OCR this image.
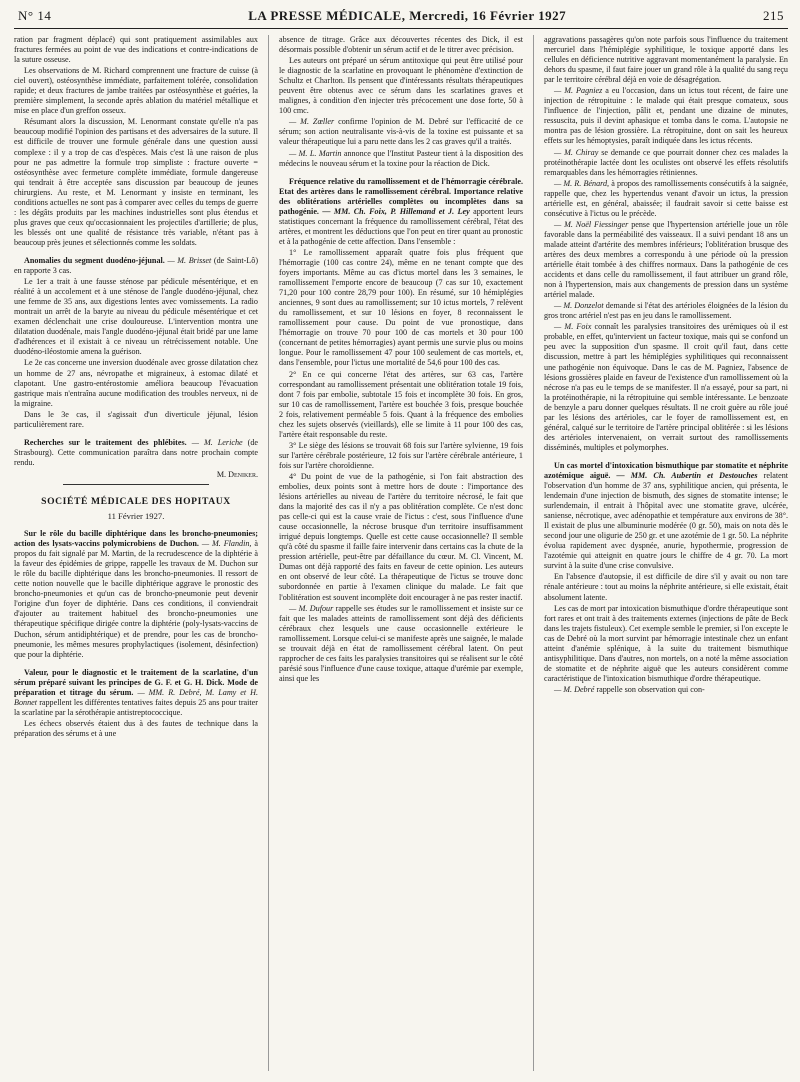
N° 14	LA PRESSE MÉDICALE, Mercredi, 16 Février 1927	215

ration par fragment déplacé) qui sont pratiquement assimilables aux fractures fermées au point de vue des indications et contre-indications de la suture osseuse.

Les observations de M. Richard comprennent une fracture de cuisse (à ciel ouvert), ostéosynthèse immédiate, parfaitement tolérée, consolidation rapide; et deux fractures de jambe traitées par ostéosynthèse et guéries, la première simplement, la seconde après ablation du matériel métallique et mise en place d'un greffon osseux.

Résumant alors la discussion, M. Lenormant constate qu'elle n'a pas beaucoup modifié l'opinion des partisans et des adversaires de la suture. Il est difficile de trouver une formule générale dans une question aussi complexe : il y a trop de cas d'espèces. Mais c'est là une raison de plus pour ne pas admettre la formule trop simpliste : fracture ouverte = ostéosynthèse avec fermeture complète immédiate, formule dangereuse qui tendrait à être acceptée sans discussion par beaucoup de jeunes chirurgiens. Au reste, et M. Lenormant y insiste en terminant, les conditions actuelles ne sont pas à comparer avec celles du temps de guerre : les dégâts produits par les machines industrielles sont plus étendus et plus graves que ceux qu'occasionnaient les projectiles d'artillerie; de plus, les blessés ont une qualité de résistance très variable, n'étant pas à beaucoup près jeunes et sélectionnés comme les soldats.

Anomalies du segment duodéno-jéjunal. — M. Brisset (de Saint-Lô) en rapporte 3 cas.

Le 1er a trait à une fausse sténose par pédicule mésentérique, et en réalité à un accolement et à une sténose de l'angle duodéno-jéjunal, chez une femme de 35 ans, aux digestions lentes avec vomissements. La radio montrait un arrêt de la baryte au niveau du pédicule mésentérique et cet examen déclenchait une crise douloureuse. L'intervention montra une dilatation duodénale, mais l'angle duodéno-jéjunal était bridé par une lame d'adhérences et il existait à ce niveau un rétrécissement notable. Une duodéno-iléostomie amena la guérison.

Le 2e cas concerne une inversion duodénale avec grosse dilatation chez un homme de 27 ans, névropathe et migraineux, à estomac dilaté et clapotant. Une gastro-entérostomie améliora beaucoup l'évacuation gastrique mais n'entraîna aucune modification des troubles nerveux, ni de la migraine.

Dans le 3e cas, il s'agissait d'un diverticule jéjunal, lésion particulièrement rare.

Recherches sur le traitement des phlébites. — M. Leriche (de Strasbourg). Cette communication paraîtra dans notre prochain compte rendu.

M. Deniker.
SOCIÉTÉ MÉDICALE DES HOPITAUX
11 Février 1927.

Sur le rôle du bacille diphtérique dans les broncho-pneumonies; action des lysats-vaccins polymicrobiens de Duchon. — M. Flandin, à propos du fait signalé par M. Martin, de la recrudescence de la diphtérie à la faveur des épidémies de grippe, rappelle les travaux de M. Duchon sur le rôle du bacille diphtérique dans les broncho-pneumonies. Il ressort de cette notion nouvelle que le bacille diphtérique aggrave le pronostic des broncho-pneumonies et qu'un cas de broncho-pneumonie peut devenir l'origine d'un foyer de diphtérie. Dans ces conditions, il conviendrait d'ajouter au traitement habituel des broncho-pneumonies une thérapeutique spécifique dirigée contre la diphtérie (poly-lysats-vaccins de Duchon, sérum antidiphtérique) et de prendre, pour les cas de broncho-pneumonie, les mêmes mesures prophylactiques (isolement, désinfection) que pour la diphtérie.

Valeur, pour le diagnostic et le traitement de la scarlatine, d'un sérum préparé suivant les principes de G. F. et G. H. Dick. Mode de préparation et titrage du sérum. — MM. R. Debré, M. Lamy et H. Bonnet rappellent les différentes tentatives faites depuis 25 ans pour traiter la scarlatine par la sérothérapie antistreptococcique.

Les échecs observés étaient dus à des fautes de technique dans la préparation des sérums et à une

absence de titrage. Grâce aux découvertes récentes des Dick, il est désormais possible d'obtenir un sérum actif et de le titrer avec précision.

Les auteurs ont préparé un sérum antitoxique qui peut être utilisé pour le diagnostic de la scarlatine en provoquant le phénomène d'extinction de Schultz et Charlton. Ils pensent que d'intéressants résultats thérapeutiques peuvent être obtenus avec ce sérum dans les scarlatines graves et malignes, à condition d'en injecter très précocement une dose forte, 50 à 100 cmc.

— M. Zœller confirme l'opinion de M. Debré sur l'efficacité de ce sérum; son action neutralisante vis-à-vis de la toxine est puissante et sa valeur thérapeutique lui a paru nette dans les 2 cas graves qu'il a traités.

— M. L. Martin annonce que l'Institut Pasteur tient à la disposition des médecins le nouveau sérum et la toxine pour la réaction de Dick.

Fréquence relative du ramollissement et de l'hémorragie cérébrale. Etat des artères dans le ramollissement cérébral. Importance relative des oblitérations artérielles complètes ou incomplètes dans sa pathogénie. — MM. Ch. Foix, P. Hillemand et J. Ley apportent leurs statistiques concernant la fréquence du ramollissement cérébral, l'état des artères, et montrent les déductions que l'on peut en tirer quant au pronostic et à la pathogénie de cette affection. Dans l'ensemble :

1° Le ramollissement apparaît quatre fois plus fréquent que l'hémorragie (100 cas contre 24), même en ne tenant compte que des foyers importants. Même au cas d'ictus mortel dans les 3 semaines, le ramollissement l'emporte encore de beaucoup (7 cas sur 10, exactement 71,20 pour 100 contre 28,79 pour 100). En résumé, sur 10 hémiplégies anciennes, 9 sont dues au ramollissement; sur 10 ictus mortels, 7 relèvent du ramollissement, et sur 10 lésions en foyer, 8 reconnaissent le ramollissement pour cause. Du point de vue pronostique, dans l'hémorragie on trouve 70 pour 100 de cas mortels et 30 pour 100 (concernant de petites hémorragies) ayant permis une survie plus ou moins longue. Pour le ramollissement 47 pour 100 seulement de cas mortels, et, dans l'ensemble, pour l'ictus une mortalité de 54,6 pour 100 des cas.

2° En ce qui concerne l'état des artères, sur 63 cas, l'artère correspondant au ramollissement présentait une oblitération totale 19 fois, dont 7 fois par embolie, subtotale 15 fois et incomplète 30 fois. En gros, sur 10 cas de ramollissement, l'artère est bouchée 3 fois, presque bouchée 2 fois, relativement perméable 5 fois. Quant à la fréquence des embolies chez les sujets observés (vieillards), elle se limite à 11 pour 100 des cas, l'artère était responsable du reste.

3° Le siège des lésions se trouvait 68 fois sur l'artère sylvienne, 19 fois sur l'artère cérébrale postérieure, 12 fois sur l'artère cérébrale antérieure, 1 fois sur l'artère choroïdienne.

4° Du point de vue de la pathogénie, si l'on fait abstraction des embolies, deux points sont à mettre hors de doute : l'importance des lésions artérielles au niveau de l'artère du territoire nécrosé, le fait que dans la majorité des cas il n'y a pas oblitération complète. Ce n'est donc pas celle-ci qui est la cause vraie de l'ictus : c'est, sous l'influence d'une cause occasionnelle, la nécrose brusque d'un territoire insuffisamment irrigué depuis longtemps. Quelle est cette cause occasionnelle? Il semble qu'à côté du spasme il faille faire intervenir dans certains cas la chute de la pression artérielle, peut-être par défaillance du cœur. M. Cl. Vincent, M. Dumas ont déjà rapporté des faits en faveur de cette opinion. Les auteurs en ont observé de leur côté. La thérapeutique de l'ictus se trouve donc subordonnée en partie à l'examen clinique du malade. Le fait que l'oblitération est souvent incomplète doit encourager à ne pas rester inactif.

— M. Dufour rappelle ses études sur le ramollissement et insiste sur ce fait que les malades atteints de ramollissement sont déjà des déficients cérébraux chez lesquels une cause occasionnelle extérieure le ramollissement. Lorsque celui-ci se manifeste après une saignée, le malade se trouvait déjà en état de ramollissement cérébral latent. On peut rapprocher de ces faits les paralysies transitoires qui se réalisent sur le côté parésié sous l'influence d'une cause toxique, attaque d'urémie par exemple, ainsi que les

aggravations passagères qu'on note parfois sous l'influence du traitement mercuriel dans l'hémiplégie syphilitique, le toxique apporté dans les cellules en déficience nutritive aggravant momentanément la paralysie. En dehors du spasme, il faut faire jouer un grand rôle à la qualité du sang reçu par le territoire cérébral déjà en voie de désagrégation.

— M. Pagniez a eu l'occasion, dans un ictus tout récent, de faire une injection de rétropituine : le malade qui était presque comateux, sous l'influence de l'injection, pâlit et, pendant une dizaine de minutes, ressuscita, puis il devint aphasique et tomba dans le coma. L'autopsie ne montra pas de lésion grossière. La rétropituine, dont on sait les heureux effets sur les hémoptysies, paraît indiquée dans les ictus récents.

— M. Chiray se demande ce que pourrait donner chez ces malades la protéinothérapie lactée dont les oculistes ont observé les effets résolutifs remarquables dans les hémorragies rétiniennes.

— M. R. Bénard, à propos des ramollissements consécutifs à la saignée, rappelle que, chez les hypertendus venant d'avoir un ictus, la pression artérielle est, en général, abaissée; il faudrait savoir si cette baisse est consécutive à l'ictus ou le précède.

— M. Noël Fiessinger pense que l'hypertension artérielle joue un rôle favorable dans la perméabilité des vaisseaux. Il a suivi pendant 18 ans un malade atteint d'artérite des membres inférieurs; l'oblitération brusque des artères des deux membres a correspondu à une période où la pression artérielle était tombée à des chiffres normaux. Dans la pathogénie de ces accidents et dans celle du ramollissement, il faut attribuer un grand rôle, non à l'hypertension, mais aux changements de pression dans un système artériel malade.

— M. Donzelot demande si l'état des artérioles éloignées de la lésion du gros tronc artériel n'est pas en jeu dans le ramollissement.

— M. Foix connaît les paralysies transitoires des urémiques où il est probable, en effet, qu'intervient un facteur toxique, mais qui se confond un peu avec la supposition d'un spasme. Il croit qu'il faut, dans cette discussion, mettre à part les hémiplégies syphilitiques qui reconnaissent une pathogénie non équivoque. Dans le cas de M. Pagniez, l'absence de lésions grossières plaide en faveur de l'existence d'un ramollissement où la nécrose n'a pas eu le temps de se manifester. Il n'a essayé, pour sa part, ni la protéinothérapie, ni la rétropituine qui semble intéressante. Le benzoate de benzyle a paru donner quelques résultats. Il ne croit guère au rôle joué par les lésions des artérioles, car le foyer de ramollissement est, en général, calqué sur le territoire de l'artère principal oblitérée : si les lésions des artérioles intervenaient, on verrait surtout des ramollissements disséminés, multiples et polymorphes.

Un cas mortel d'intoxication bismuthique par stomatite et néphrite azotémique aiguë. — MM. Ch. Aubertin et Destouches relatent l'observation d'un homme de 37 ans, syphilitique ancien, qui présenta, le lendemain d'une injection de bismuth, des signes de stomatite intense; le surlendemain, il entrait à l'hôpital avec une stomatite grave, ulcérée, saniense, nécrotique, avec adénopathie et température aux environs de 38°. Il existait de plus une albuminurie modérée (0 gr. 50), mais on nota dès le second jour une oligurie de 250 gr. et une azotémie de 1 gr. 50. La néphrite évolua rapidement avec dyspnée, anurie, hypothermie, progression de l'azotémie qui atteignit en quatre jours le chiffre de 4 gr. 70. La mort survint à la suite d'une crise convulsive.

En l'absence d'autopsie, il est difficile de dire s'il y avait ou non tare rénale antérieure : tout au moins la néphrite antérieure, si elle existait, était absolument latente.

Les cas de mort par intoxication bismuthique d'ordre thérapeutique sont fort rares et ont trait à des traitements externes (injections de pâte de Beck dans les trajets fistuleux). Cet exemple semble le premier, si l'on excepte le cas de Debré où la mort survint par hémorragie intestinale chez un enfant atteint d'anémie splénique, à la suite du traitement bismuthique antisyphilitique. Dans d'autres, non mortels, on a noté la même association de stomatite et de néphrite aiguë que les auteurs considèrent comme caractéristique de l'intoxication bismuthique d'ordre thérapeutique.

— M. Debré rappelle son observation qui con-
